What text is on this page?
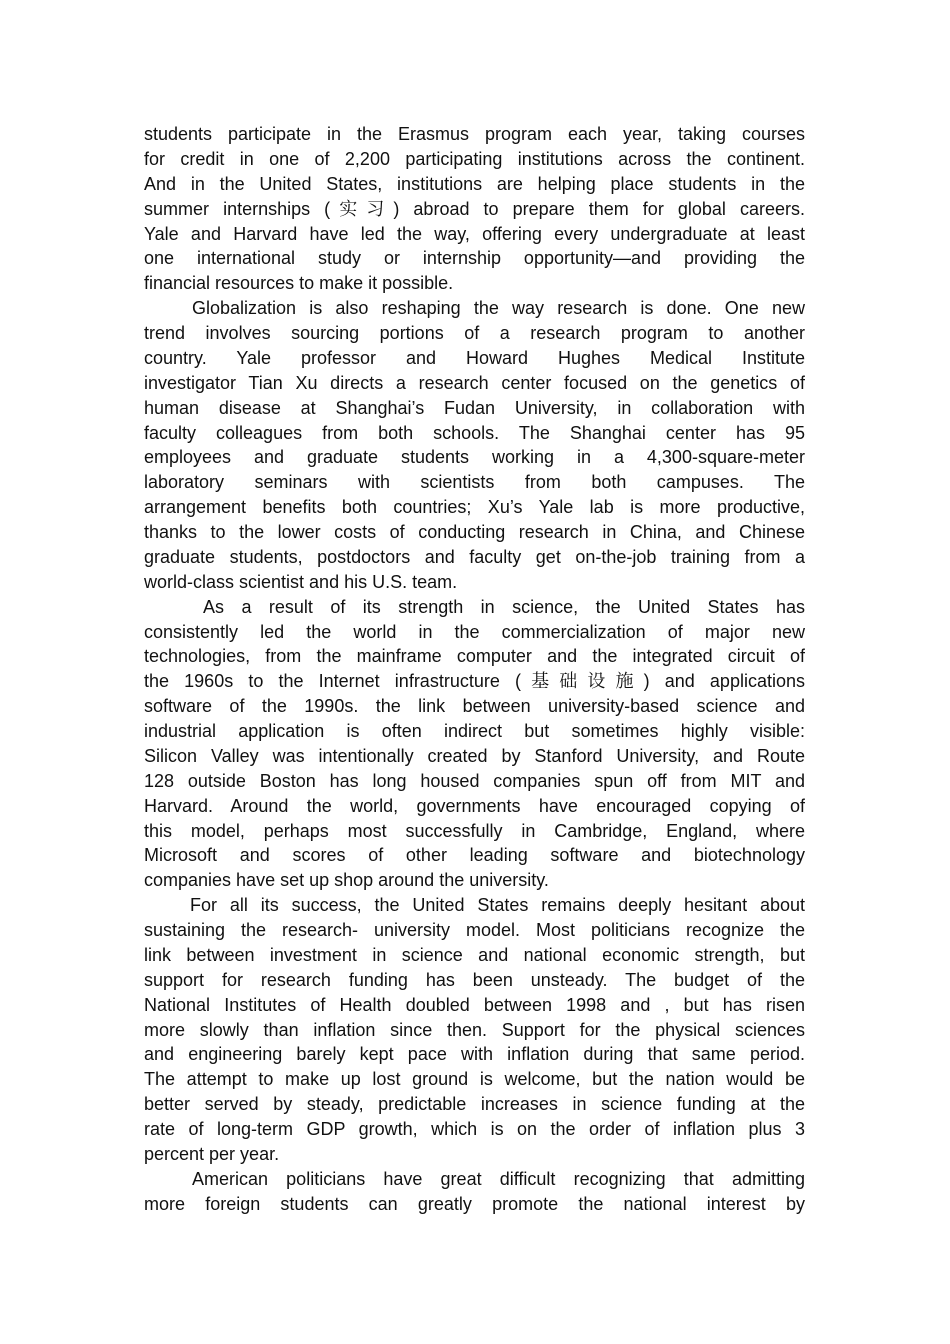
students participate in the Erasmus program each year, taking courses
for credit in one of 2,200 participating institutions across the continent.
And in the United States, institutions are helping place students in the
summer internships (实习) abroad to prepare them for global careers.
Yale and Harvard have led the way, offering every undergraduate at least
one international study or internship opportunity—and providing the
financial resources to make it possible.
Globalization is also reshaping the way research is done. One new
trend involves sourcing portions of a research program to another
country. Yale professor and Howard Hughes Medical Institute
investigator Tian Xu directs a research center focused on the genetics of
human disease at Shanghai’s Fudan University, in collaboration with
faculty colleagues from both schools. The Shanghai center has 95
employees and graduate students working in a 4,300-square-meter
laboratory seminars with scientists from both campuses. The
arrangement benefits both countries; Xu’s Yale lab is more productive,
thanks to the lower costs of conducting research in China, and Chinese
graduate students, postdoctors and faculty get on-the-job training from a
world-class scientist and his U.S. team.
As a result of its strength in science, the United States has
consistently led the world in the commercialization of major new
technologies, from the mainframe computer and the integrated circuit of
the 1960s to the Internet infrastructure (基础设施) and applications
software of the 1990s. the link between university-based science and
industrial application is often indirect but sometimes highly visible:
Silicon Valley was intentionally created by Stanford University, and Route
128 outside Boston has long housed companies spun off from MIT and
Harvard. Around the world, governments have encouraged copying of
this model, perhaps most successfully in Cambridge, England, where
Microsoft and scores of other leading software and biotechnology
companies have set up shop around the university.
For all its success, the United States remains deeply hesitant about
sustaining the research- university model. Most politicians recognize the
link between investment in science and national economic strength, but
support for research funding has been unsteady. The budget of the
National Institutes of Health doubled between 1998 and , but has risen
more slowly than inflation since then. Support for the physical sciences
and engineering barely kept pace with inflation during that same period.
The attempt to make up lost ground is welcome, but the nation would be
better served by steady, predictable increases in science funding at the
rate of long-term GDP growth, which is on the order of inflation plus 3
percent per year.
American politicians have great difficult recognizing that admitting
more foreign students can greatly promote the national interest by
